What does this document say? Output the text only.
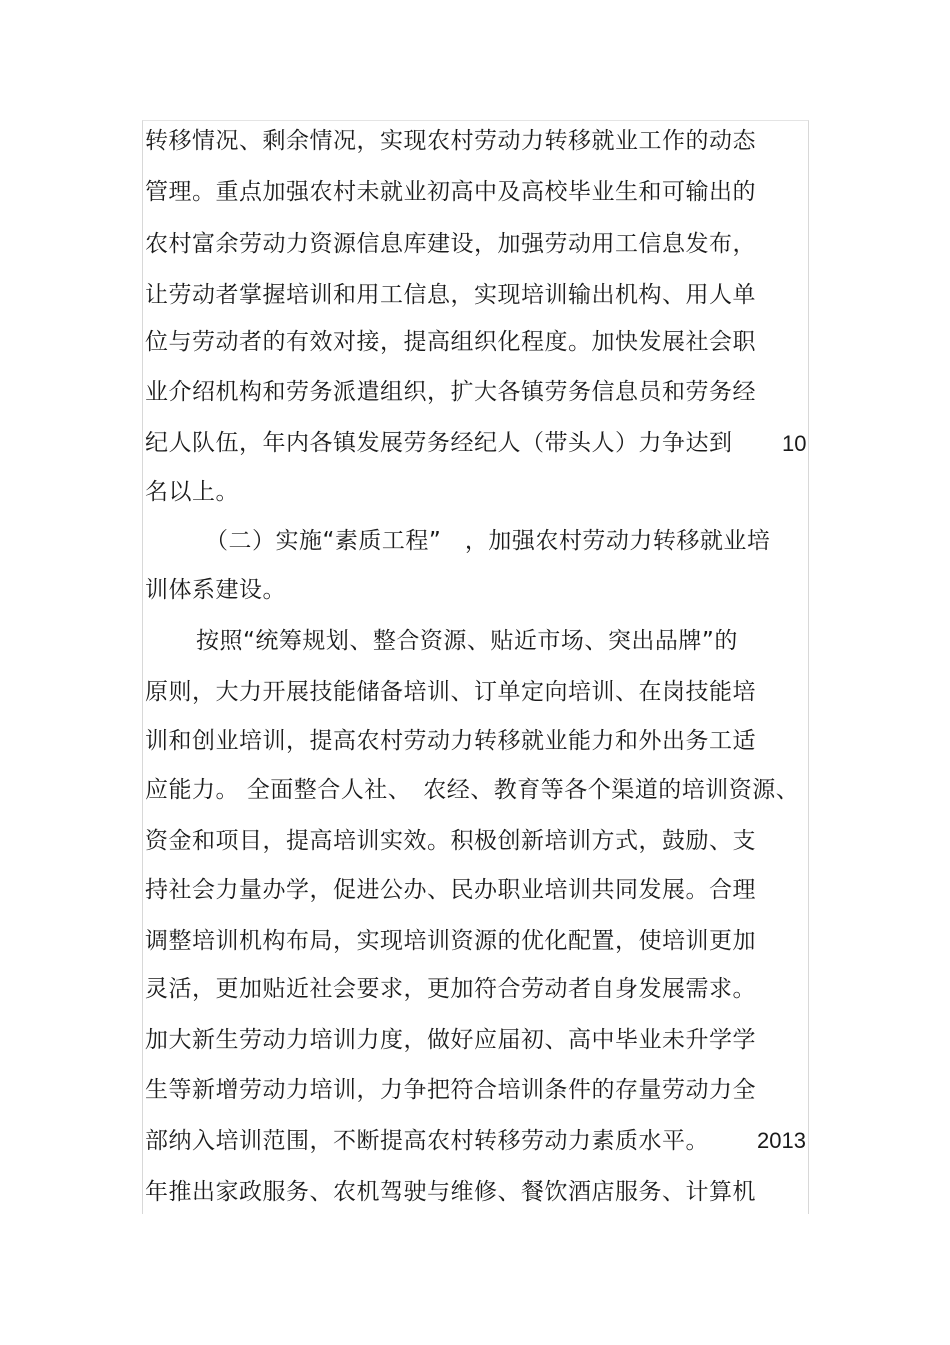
转移情况、剩余情况，实现农村劳动力转移就业工作的动态
管理。重点加强农村未就业初高中及高校毕业生和可输出的
农村富余劳动力资源信息库建设，加强劳动用工信息发布，
让劳动者掌握培训和用工信息，实现培训输出机构、用人单
位与劳动者的有效对接，提高组织化程度。加快发展社会职
业介绍机构和劳务派遣组织，扩大各镇劳务信息员和劳务经
纪人队伍，年内各镇发展劳务经纪人（带头人）力争达到 10
名以上。
（二）实施“素质工程”　，加强农村劳动力转移就业培
训体系建设。
按照“统筹规划、整合资源、贴近市场、突出品牌”的
原则，大力开展技能储备培训、订单定向培训、在岗技能培
训和创业培训，提高农村劳动力转移就业能力和外出务工适
应能力。 全面整合人社、　农经、教育等各个渠道的培训资源、
资金和项目，提高培训实效。积极创新培训方式，鼓励、支
持社会力量办学，促进公办、民办职业培训共同发展。合理
调整培训机构布局，实现培训资源的优化配置，使培训更加
灵活，更加贴近社会要求，更加符合劳动者自身发展需求。
加大新生劳动力培训力度，做好应届初、高中毕业未升学学
生等新增劳动力培训，力争把符合培训条件的存量劳动力全
部纳入培训范围，不断提高农村转移劳动力素质水平。 2013
年推出家政服务、农机驾驶与维修、餐饮酒店服务、计算机
